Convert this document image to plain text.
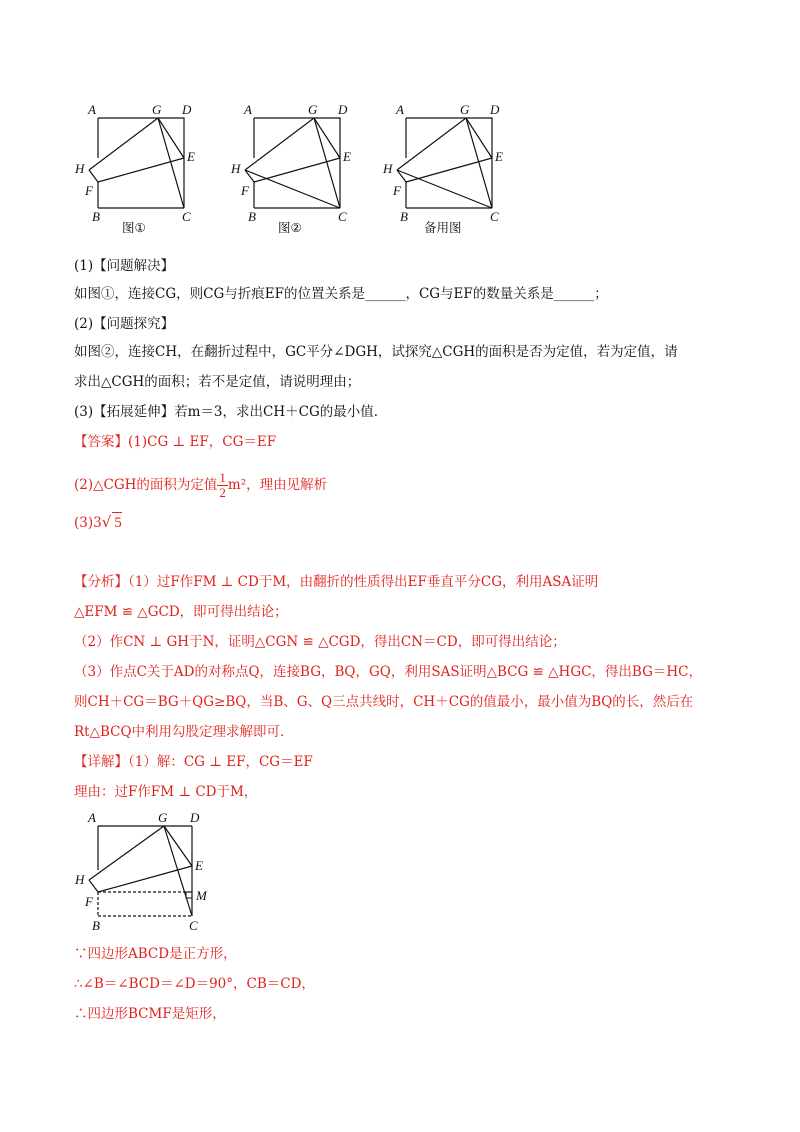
A	G D
E
H
F
B	C
图①
A	G D
E
H
F
B	C
图②
A	G D
E
H
F
B	C
备用图
(1)【问题解决】
如图①，连接CG，则CG与折痕EF的位置关系是______，CG与EF的数量关系是______；
(2)【问题探究】
如图②，连接CH，在翻折过程中，GC平分∠DGH，试探究△CGH的面积是否为定值，若为定值，请
求出△CGH的面积；若不是定值，请说明理由；
(3)【拓展延伸】若m＝3，求出CH＋CG的最小值．
【答案】(1)CG ⊥ EF，CG＝EF
(2)△CGH的面积为定值 $\frac{1}{2} m^2$，理由见解析
(3)3√ 5
【分析】（1）过F作FM ⊥ CD于M，由翻折的性质得出EF垂直平分CG，利用ASA证明
△EFM ≌ △GCD，即可得出结论；
（2）作CN ⊥ GH于N，证明△CGN ≌ △CGD，得出CN＝CD，即可得出结论；
（3）作点C关于AD的对称点Q，连接BG，BQ，GQ，利用SAS证明△BCG ≌ △HGC，得出BG＝HC，
则CH＋CG＝BG＋QG≥BQ，当B、G、Q三点共线时，CH＋CG的值最小，最小值为BQ的长，然后在
Rt△BCQ中利用勾股定理求解即可．
【详解】（1）解：CG ⊥ EF，CG＝EF
理由：过F作FM ⊥ CD于M，
A	G D
E
M
H
F
B	C
∵四边形ABCD是正方形，
∴∠B＝∠BCD＝∠D＝90°，CB＝CD，
∴四边形BCMF是矩形，
